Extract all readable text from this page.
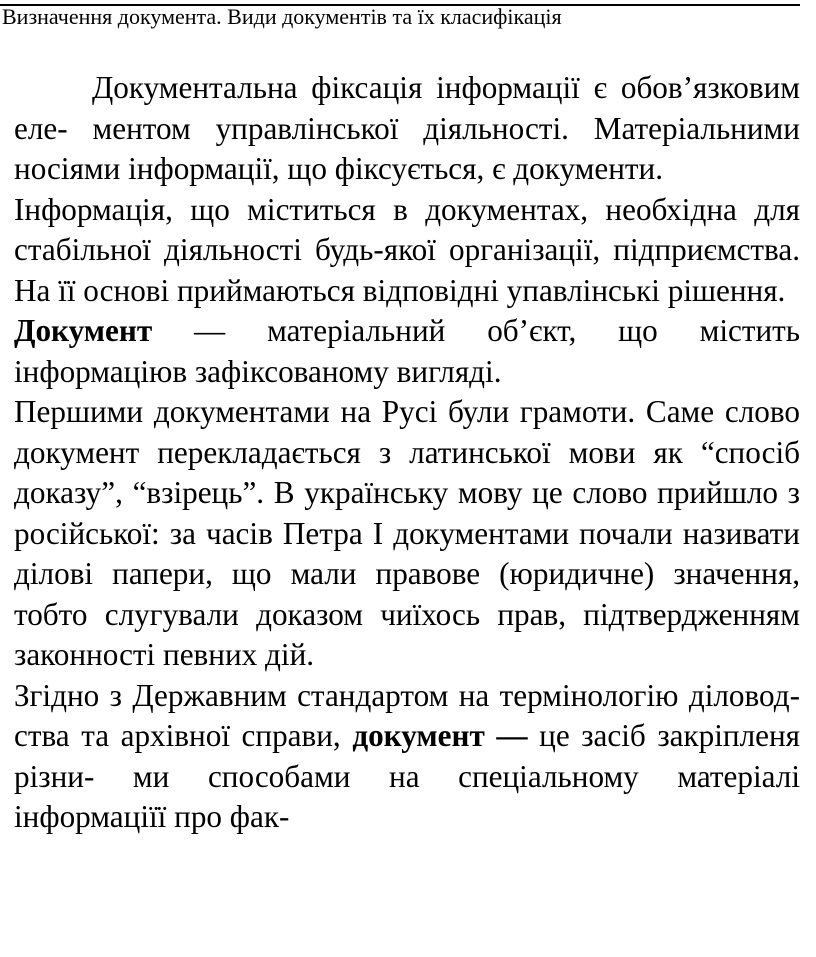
Визначення документа. Види документів та їх класифікація

Документальна фіксація інформації є обов’язковим еле- ментом управлінської діяльності. Матеріальними носіями інформації, що фіксується, є документи.

Інформація, що міститься в документах, необхідна для стабільної діяльності будь-якої організації, підприємства. На її основі приймаються відповідні упавлінські рішення.

Документ — матеріальний об’єкт, що містить інформаціюв зафіксованому вигляді.

Першими документами на Русі були грамоти. Саме слово документ перекладається з латинської мови як “спосіб доказу”, “взірець”. В українську мову це слово прийшло з російської: за часів Петра І документами почали називати ділові папери, що мали правове (юридичне) значення, тобто слугували доказом чиїхось прав, підтвердженням законності певних дій.

Згідно з Державним стандартом на термінологію діловод- ства та архівної справи, документ — це засіб закріпленя різни- ми способами на спеціальному матеріалі інформаціїї про фак-
